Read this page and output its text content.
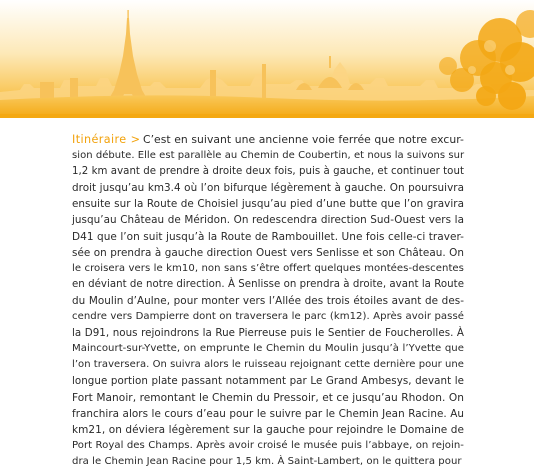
Itinéraire > C’est en suivant une ancienne voie ferrée que notre excur-
sion débute. Elle est parallèle au Chemin de Coubertin, et nous la suivons sur
1,2 km avant de prendre à droite deux fois, puis à gauche, et continuer tout
droit jusqu’au km3.4 où l’on bifurque légèrement à gauche. On poursuivra
ensuite sur la Route de Choisiel jusqu’au pied d’une butte que l’on gravira
jusqu’au Château de Méridon. On redescendra direction Sud-Ouest vers la
D41 que l’on suit jusqu’à la Route de Rambouillet. Une fois celle-ci traver-
sée on prendra à gauche direction Ouest vers Senlisse et son Château. On
le croisera vers le km10, non sans s’être offert quelques montées-descentes
en déviant de notre direction. À Senlisse on prendra à droite, avant la Route
du Moulin d’Aulne, pour monter vers l’Allée des trois étoiles avant de des-
cendre vers Dampierre dont on traversera le parc (km12). Après avoir passé
la D91, nous rejoindrons la Rue Pierreuse puis le Sentier de Foucherolles. À
Maincourt-sur-Yvette, on emprunte le Chemin du Moulin jusqu’à l’Yvette que
l’on traversera. On suivra alors le ruisseau rejoignant cette dernière pour une
longue portion plate passant notamment par Le Grand Ambesys, devant le
Fort Manoir, remontant le Chemin du Pressoir, et ce jusqu’au Rhodon. On
franchira alors le cours d’eau pour le suivre par le Chemin Jean Racine. Au
km21, on déviera légèrement sur la gauche pour rejoindre le Domaine de
Port Royal des Champs. Après avoir croisé le musée puis l’abbaye, on rejoin-
dra le Chemin Jean Racine pour 1,5 km. À Saint-Lambert, on le quittera pour
